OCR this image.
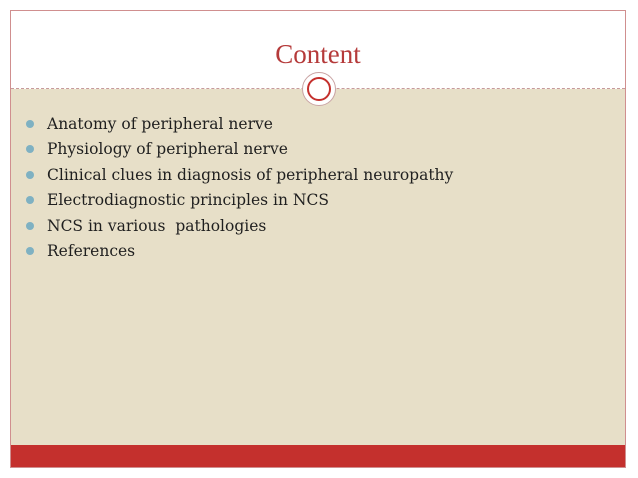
Content
Anatomy of peripheral nerve
Physiology of peripheral nerve
Clinical clues in diagnosis of peripheral neuropathy
Electrodiagnostic principles in NCS
NCS in various  pathologies
References
